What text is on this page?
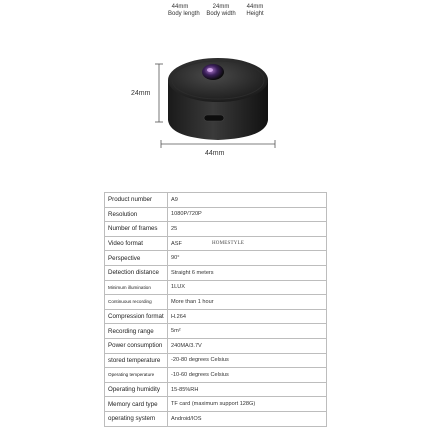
44mm
Body length
24mm
Body width
44mm
Height
24mm
44mm
Product number	A9
Resolution	1080P/720P
Number of frames	25
Video format	ASF
Perspective	90°
Detection distance	Straight 6 meters
Minimum illumination	1LUX
Continuous recording	More than 1 hour
Compression format	H.264
Recording range	5m²
Power consumption	240MA/3.7V
stored temperature	-20-80 degrees Celsius
Operating temperature	-10-60 degrees Celsius
Operating humidity	15-85%RH
Memory card type	TF card (maximum support 128G)
operating system	Android/IOS
HOMESTYLE
